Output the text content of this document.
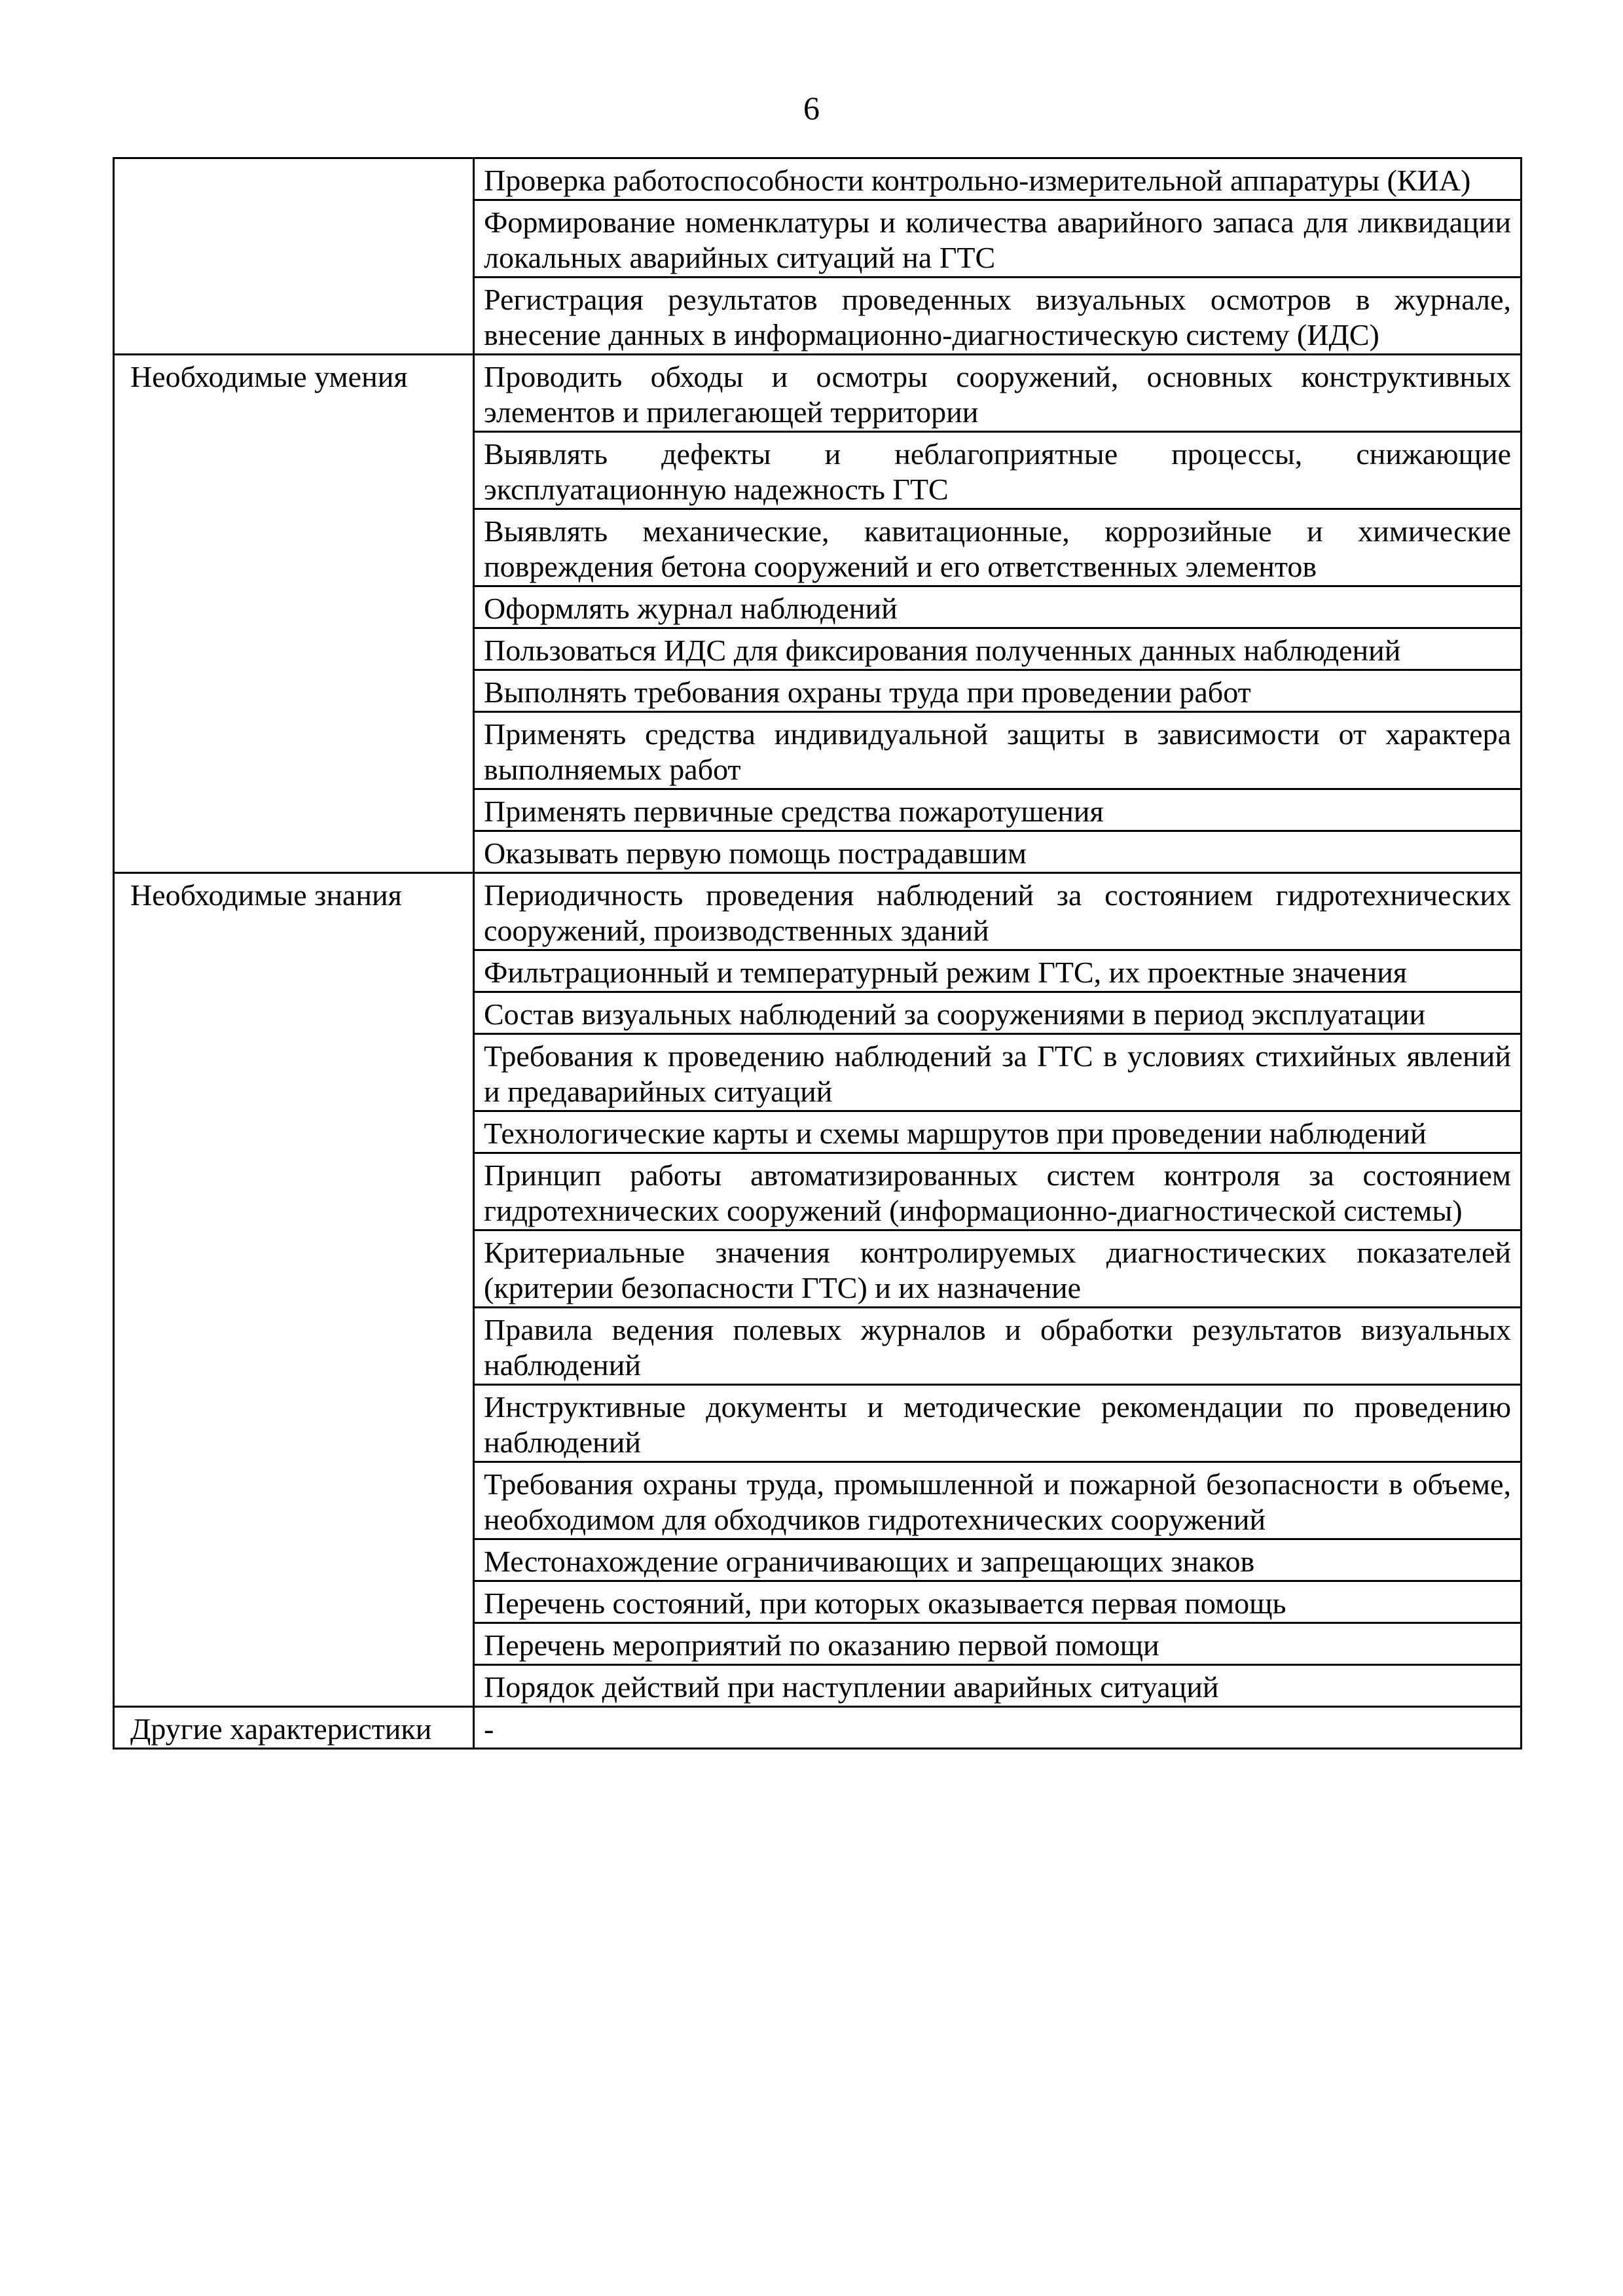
6
	Проверка работоспособности контрольно-измерительной аппаратуры (КИА)
	Формирование номенклатуры и количества аварийного запаса для ликвидации локальных аварийных ситуаций на ГТС
	Регистрация результатов проведенных визуальных осмотров в журнале, внесение данных в информационно-диагностическую систему (ИДС)
Необходимые умения	Проводить обходы и осмотры сооружений, основных конструктивных элементов и прилегающей территории
	Выявлять дефекты и неблагоприятные процессы, снижающие эксплуатационную надежность ГТС
	Выявлять механические, кавитационные, коррозийные и химические повреждения бетона сооружений и его ответственных элементов
	Оформлять журнал наблюдений
	Пользоваться ИДС для фиксирования полученных данных наблюдений
	Выполнять требования охраны труда при проведении работ
	Применять средства индивидуальной защиты в зависимости от характера выполняемых работ
	Применять первичные средства пожаротушения
	Оказывать первую помощь пострадавшим
Необходимые знания	Периодичность проведения наблюдений за состоянием гидротехнических сооружений, производственных зданий
	Фильтрационный и температурный режим ГТС, их проектные значения
	Состав визуальных наблюдений за сооружениями в период эксплуатации
	Требования к проведению наблюдений за ГТС в условиях стихийных явлений и предаварийных ситуаций
	Технологические карты и схемы маршрутов при проведении наблюдений
	Принцип работы автоматизированных систем контроля за состоянием гидротехнических сооружений (информационно-диагностической системы)
	Критериальные значения контролируемых диагностических показателей (критерии безопасности ГТС) и их назначение
	Правила ведения полевых журналов и обработки результатов визуальных наблюдений
	Инструктивные документы и методические рекомендации по проведению наблюдений
	Требования охраны труда, промышленной и пожарной безопасности в объеме, необходимом для обходчиков гидротехнических сооружений
	Местонахождение ограничивающих и запрещающих знаков
	Перечень состояний, при которых оказывается первая помощь
	Перечень мероприятий по оказанию первой помощи
	Порядок действий при наступлении аварийных ситуаций
Другие характеристики	-
